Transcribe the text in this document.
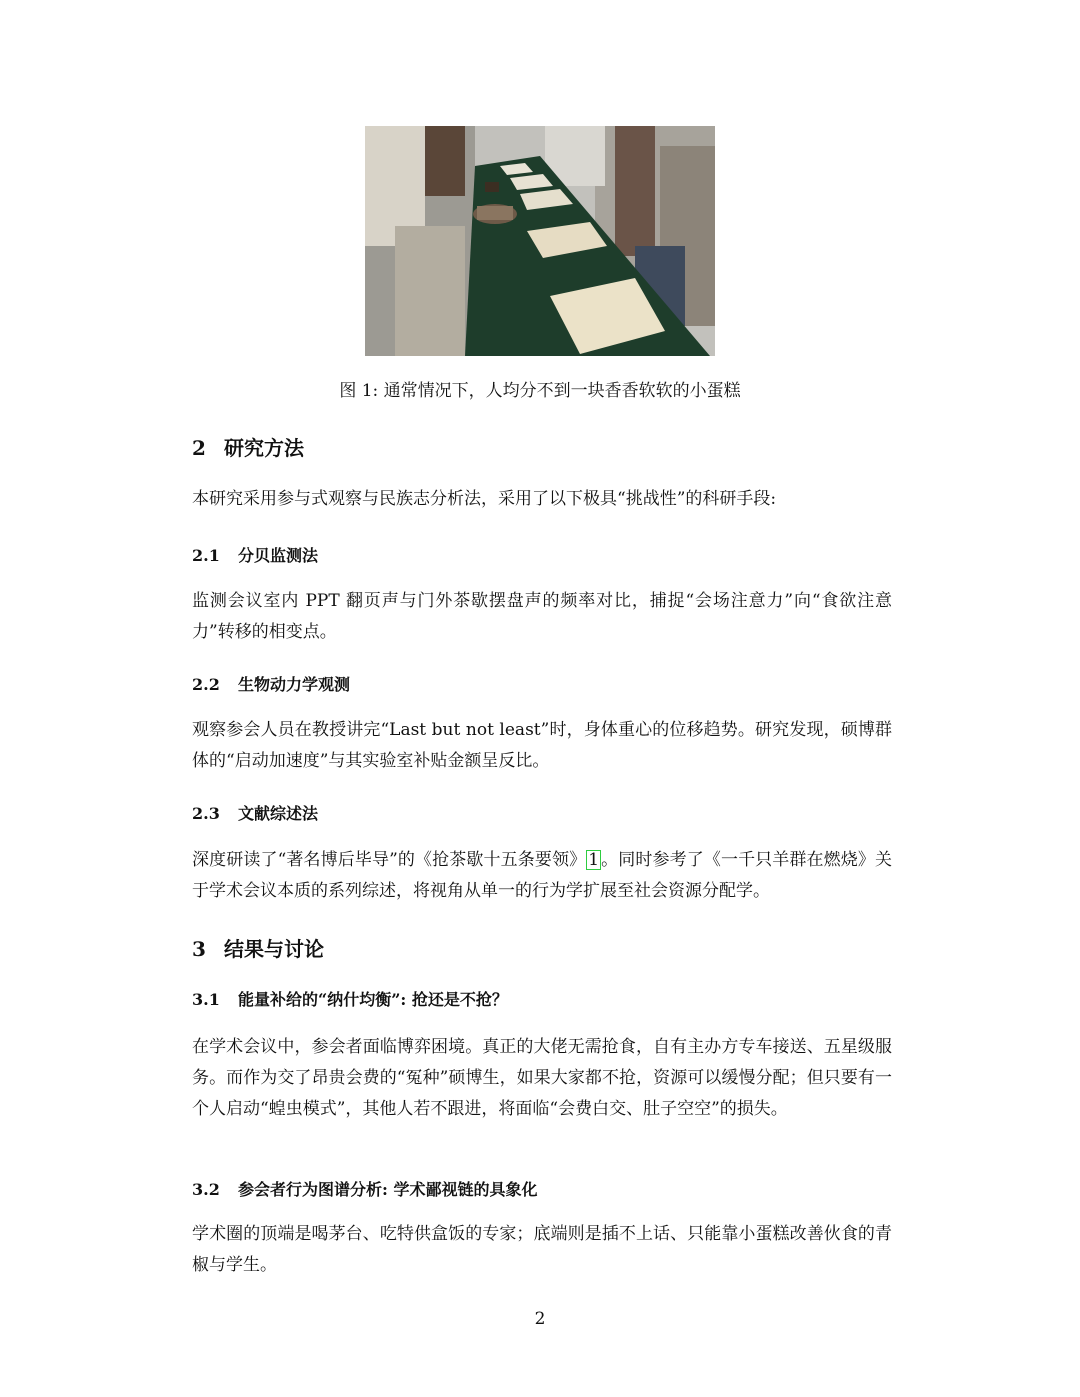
图 1: 通常情况下，人均分不到一块香香软软的小蛋糕
2 研究方法
本研究采用参与式观察与民族志分析法，采用了以下极具“挑战性”的科研手段:
2.1 分贝监测法
监测会议室内 PPT 翻页声与门外茶歇摆盘声的频率对比，捕捉“会场注意力”向“食欲注意力”转移的相变点。
2.2 生物动力学观测
观察参会人员在教授讲完“Last but not least”时，身体重心的位移趋势。研究发现，硕博群体的“启动加速度”与其实验室补贴金额呈反比。
2.3 文献综述法
深度研读了“著名博后毕导”的《抢茶歇十五条要领》 1 。同时参考了《一千只羊群在燃烧》关于学术会议本质的系列综述，将视角从单一的行为学扩展至社会资源分配学。
3 结果与讨论
3.1 能量补给的“纳什均衡”: 抢还是不抢？
在学术会议中，参会者面临博弈困境。真正的大佬无需抢食，自有主办方专车接送、五星级服务。而作为交了昂贵会费的“冤种”硕博生，如果大家都不抢，资源可以缓慢分配；但只要有一个人启动“蝗虫模式”，其他人若不跟进，将面临“会费白交、肚子空空”的损失。
3.2 参会者行为图谱分析: 学术鄙视链的具象化
学术圈的顶端是喝茅台、吃特供盒饭的专家；底端则是插不上话、只能靠小蛋糕改善伙食的青椒与学生。
2
